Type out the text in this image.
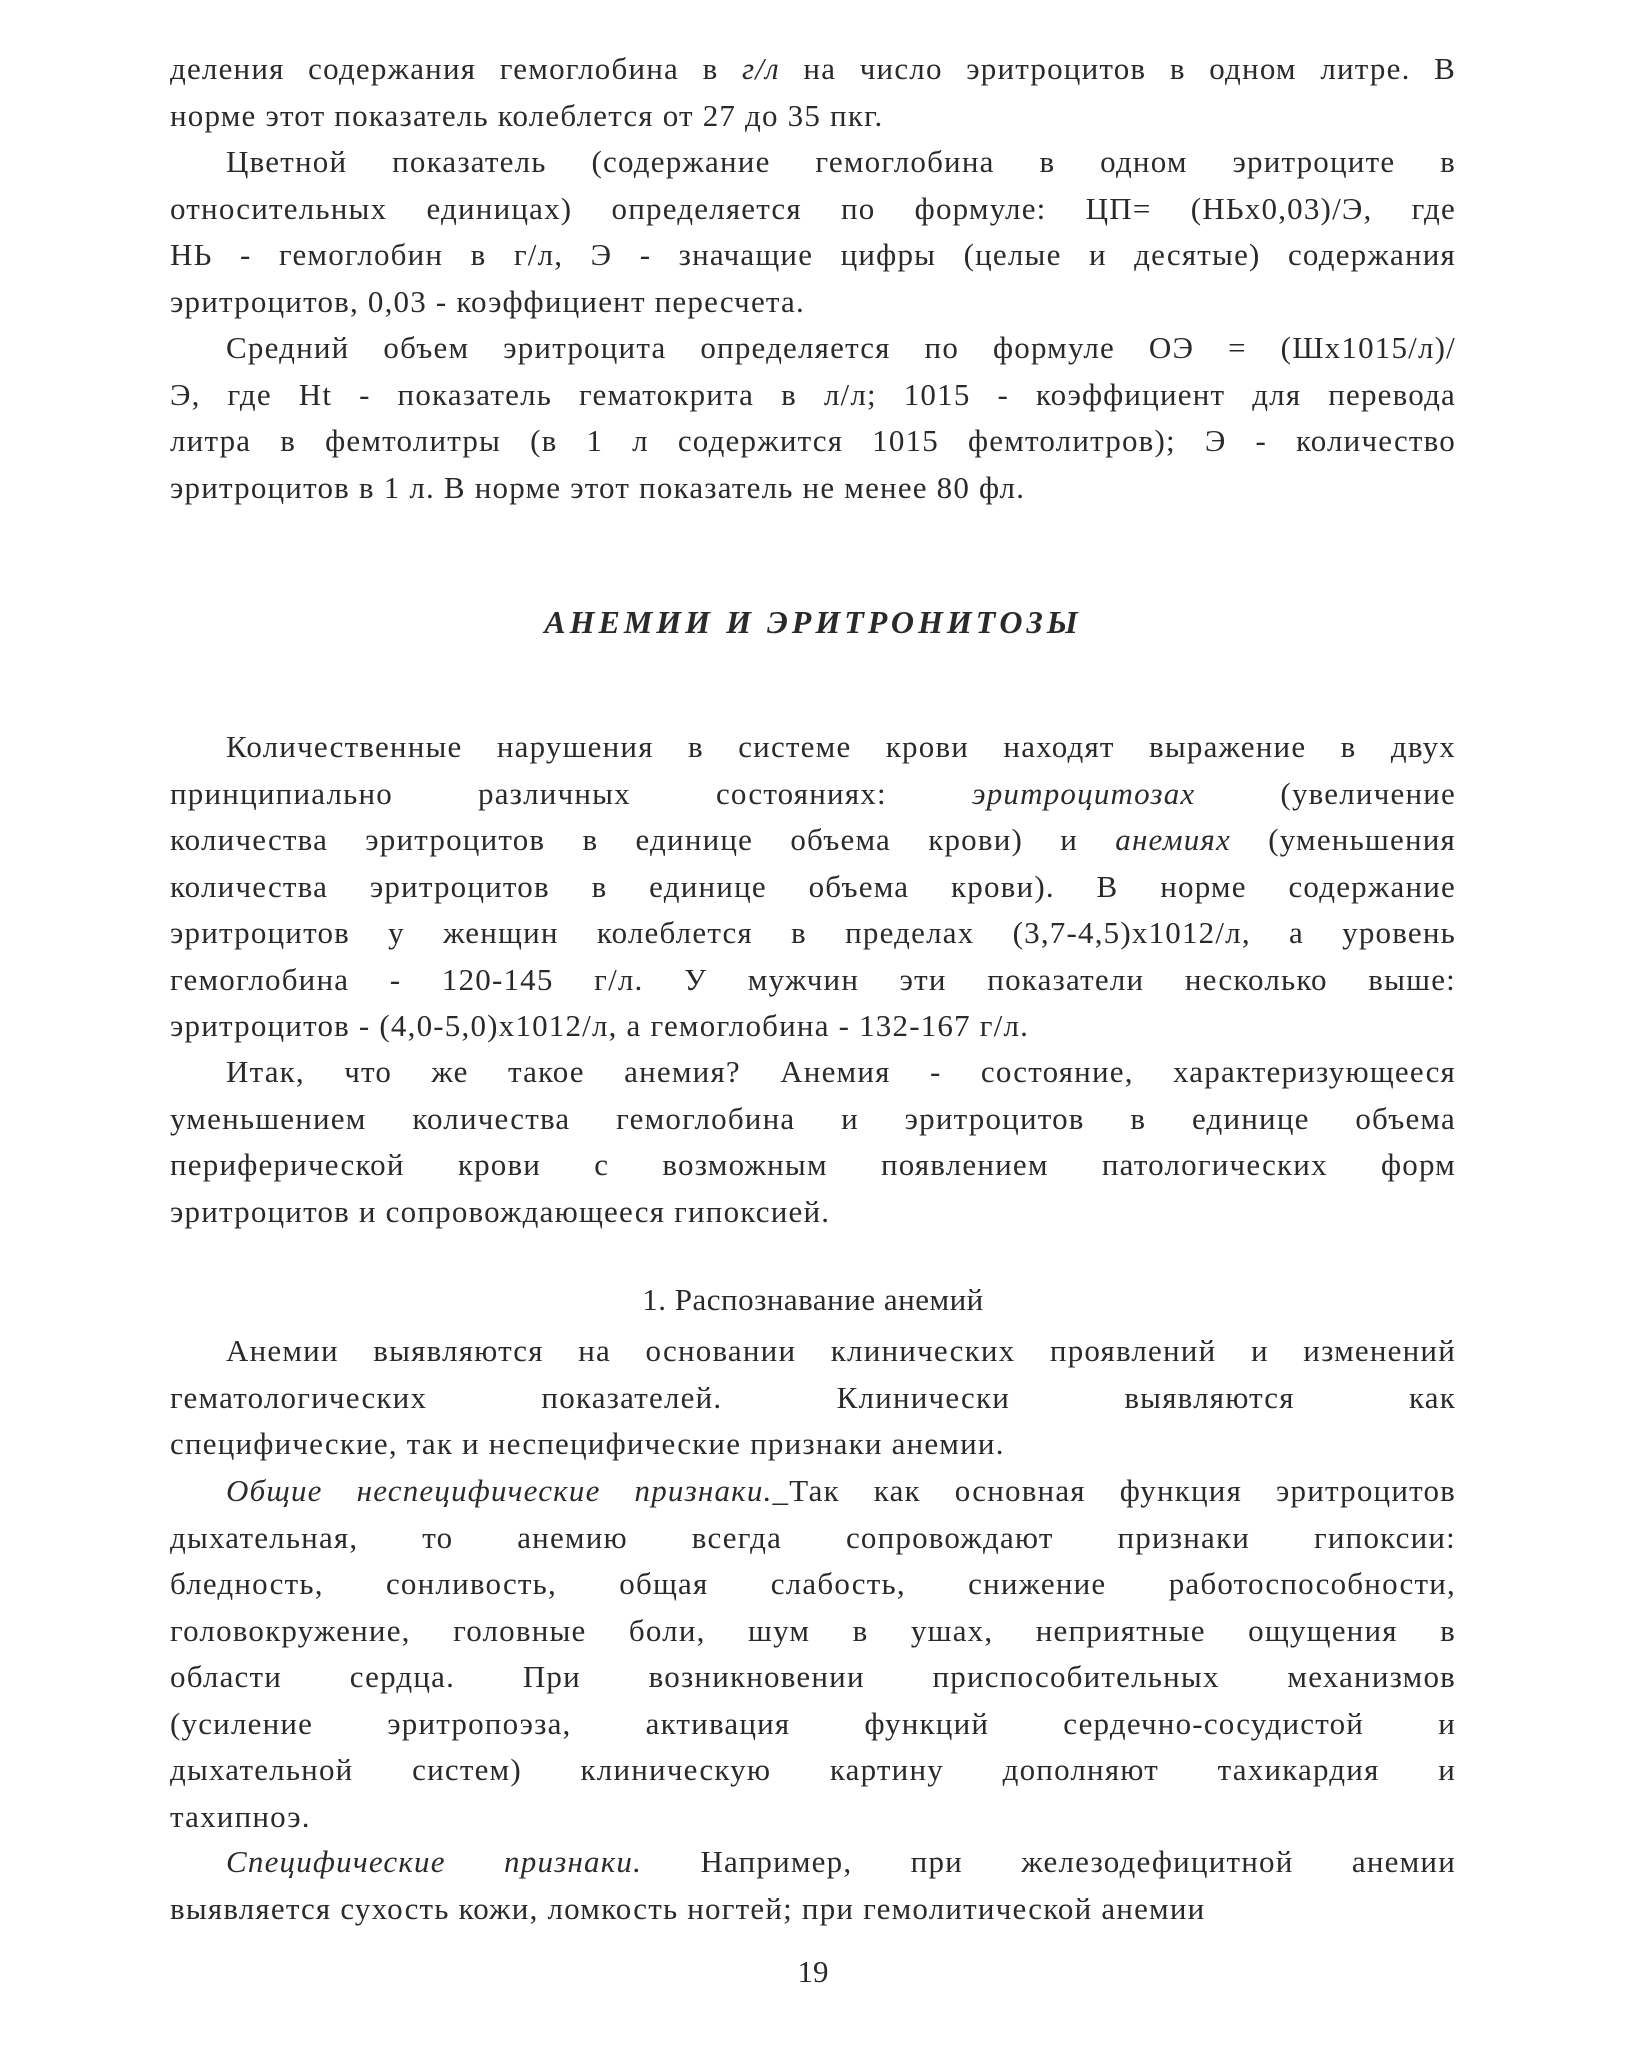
деления содержания гемоглобина в г/л на число эритроцитов в одном литре. В
норме этот показатель колеблется от 27 до 35 пкг.
Цветной показатель (содержание гемоглобина в одном эритроците в
относительных единицах) определяется по формуле: ЦП= (НЬх0,03)/Э, где
НЬ - гемоглобин в г/л, Э - значащие цифры (целые и десятые) содержания
эритроцитов, 0,03 - коэффициент пересчета.
Средний объем эритроцита определяется по формуле ОЭ = (Шх1015/л)/
Э, где Ht - показатель гематокрита в л/л; 1015 - коэффициент для перевода
литра в фемтолитры (в 1 л содержится 1015 фемтолитров); Э - количество
эритроцитов в 1 л. В норме этот показатель не менее 80 фл.
АНЕМИИ И ЭРИТРОНИТОЗЫ
Количественные нарушения в системе крови находят выражение в двух
принципиально различных состояниях: эритроцитозах (увеличение
количества эритроцитов в единице объема крови) и анемиях (уменьшения
количества эритроцитов в единице объема крови). В норме содержание
эритроцитов у женщин колеблется в пределах (3,7-4,5)х1012/л, а уровень
гемоглобина - 120-145 г/л. У мужчин эти показатели несколько выше:
эритроцитов - (4,0-5,0)х1012/л, а гемоглобина - 132-167 г/л.
Итак, что же такое анемия? Анемия - состояние, характеризующееся
уменьшением количества гемоглобина и эритроцитов в единице объема
периферической крови с возможным появлением патологических форм
эритроцитов и сопровождающееся гипоксией.
1. Распознавание анемий
Анемии выявляются на основании клинических проявлений и изменений
гематологических показателей. Клинически выявляются как
специфические, так и неспецифические признаки анемии.
Общие неспецифические признаки._Так как основная функция эритроцитов
дыхательная, то анемию всегда сопровождают признаки гипоксии:
бледность, сонливость, общая слабость, снижение работоспособности,
головокружение, головные боли, шум в ушах, неприятные ощущения в
области сердца. При возникновении приспособительных механизмов
(усиление эритропоэза, активация функций сердечно-сосудистой и
дыхательной систем) клиническую картину дополняют тахикардия и
тахипноэ.
Специфические признаки. Например, при железодефицитной анемии
выявляется сухость кожи, ломкость ногтей; при гемолитической анемии
19
